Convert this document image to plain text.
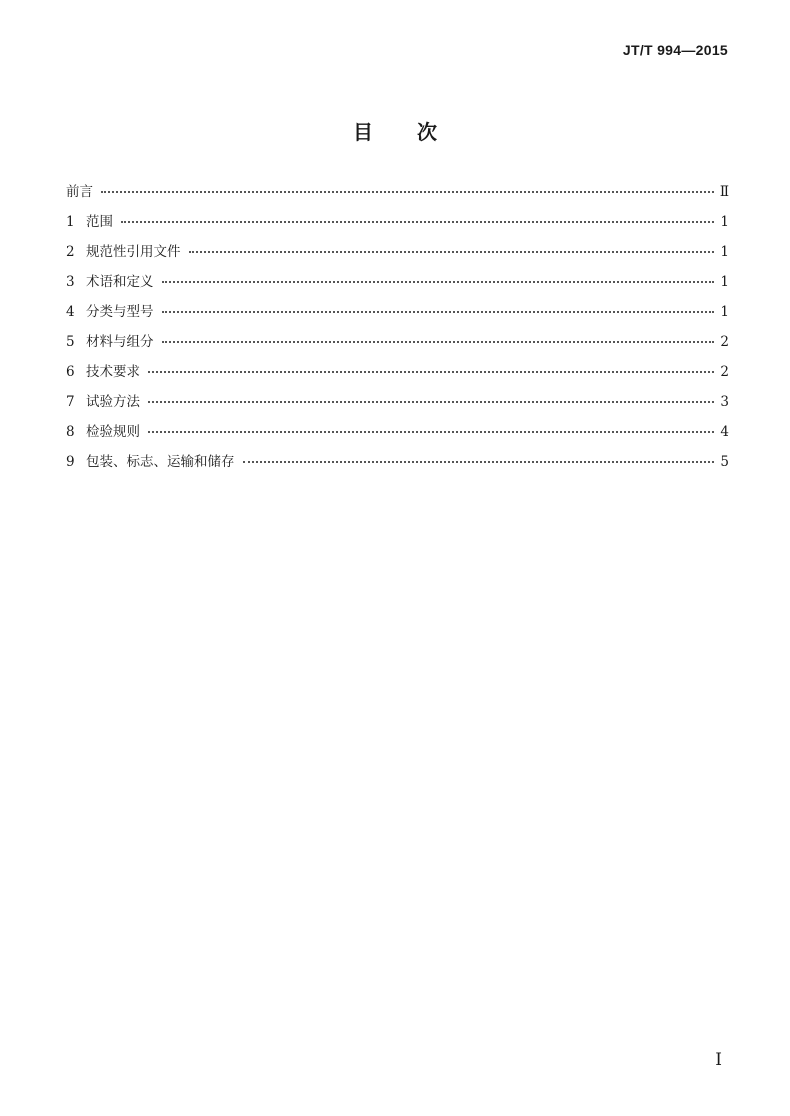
JT/T 994—2015
目次
前言	Ⅱ
1 范围	1
2 规范性引用文件	1
3 术语和定义	1
4 分类与型号	1
5 材料与组分	2
6 技术要求	2
7 试验方法	3
8 检验规则	4
9 包装、标志、运输和储存	5
Ⅰ
